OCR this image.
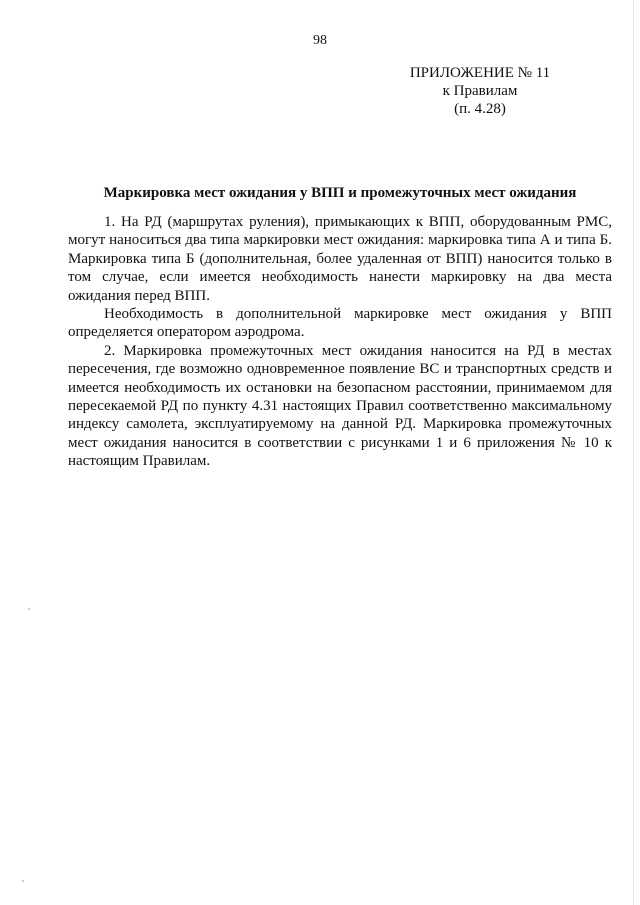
98
ПРИЛОЖЕНИЕ № 11
к Правилам
(п. 4.28)
Маркировка мест ожидания у ВПП и промежуточных мест ожидания

1. На РД (маршрутах руления), примыкающих к ВПП, оборудованным РМС, могут наноситься два типа маркировки мест ожидания: маркировка типа А и типа Б. Маркировка типа Б (дополнительная, более удаленная от ВПП) наносится только в том случае, если имеется необходимость нанести маркировку на два места ожидания перед ВПП.

Необходимость в дополнительной маркировке мест ожидания у ВПП определяется оператором аэродрома.

2. Маркировка промежуточных мест ожидания наносится на РД в местах пересечения, где возможно одновременное появление ВС и транспортных средств и имеется необходимость их остановки на безопасном расстоянии, принимаемом для пересекаемой РД по пункту 4.31 настоящих Правил соответственно максимальному индексу самолета, эксплуатируемому на данной РД. Маркировка промежуточных мест ожидания наносится в соответствии с рисунками 1 и 6 приложения № 10 к настоящим Правилам.
